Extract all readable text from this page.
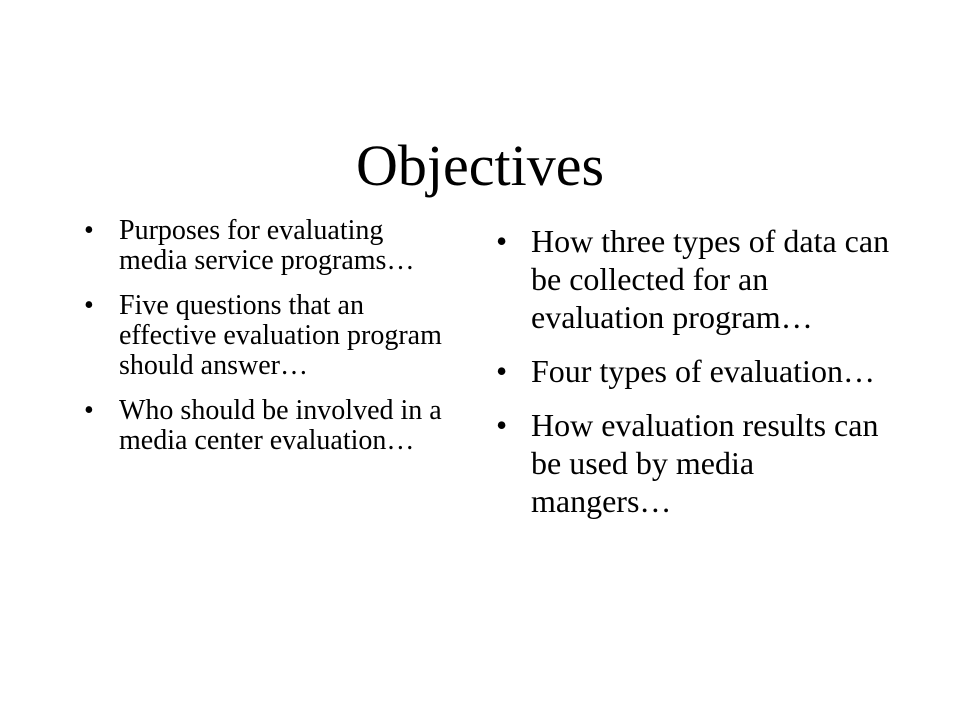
Objectives
• Purposes for evaluating media service programs…
• Five questions that an effective evaluation program should answer…
• Who should be involved in a media center evaluation…
• How three types of data can be collected for an evaluation program…
• Four types of evaluation…
• How evaluation results can be used by media mangers…
